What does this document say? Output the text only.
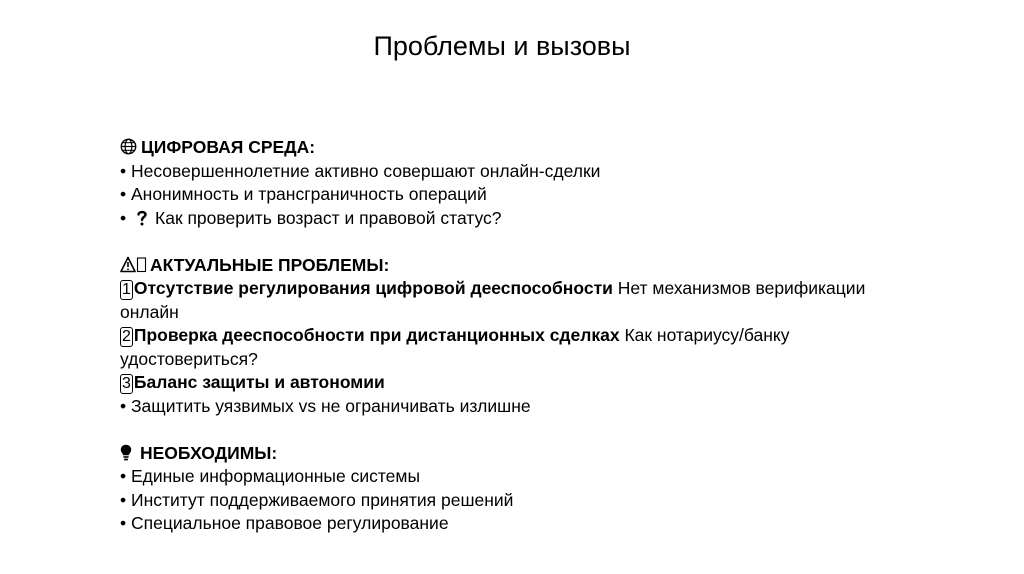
Проблемы и вызовы
ЦИФРОВАЯ СРЕДА:
• Несовершеннолетние активно совершают онлайн-сделки
• Анонимность и трансграничность операций
• Как проверить возраст и правовой статус?
АКТУАЛЬНЫЕ ПРОБЛЕМЫ:
1 Отсутствие регулирования цифровой дееспособности Нет механизмов верификации онлайн
2 Проверка дееспособности при дистанционных сделках Как нотариусу/банку удостовериться?
3 Баланс защиты и автономии
• Защитить уязвимых vs не ограничивать излишне
НЕОБХОДИМЫ:
• Единые информационные системы
• Институт поддерживаемого принятия решений
• Специальное правовое регулирование
